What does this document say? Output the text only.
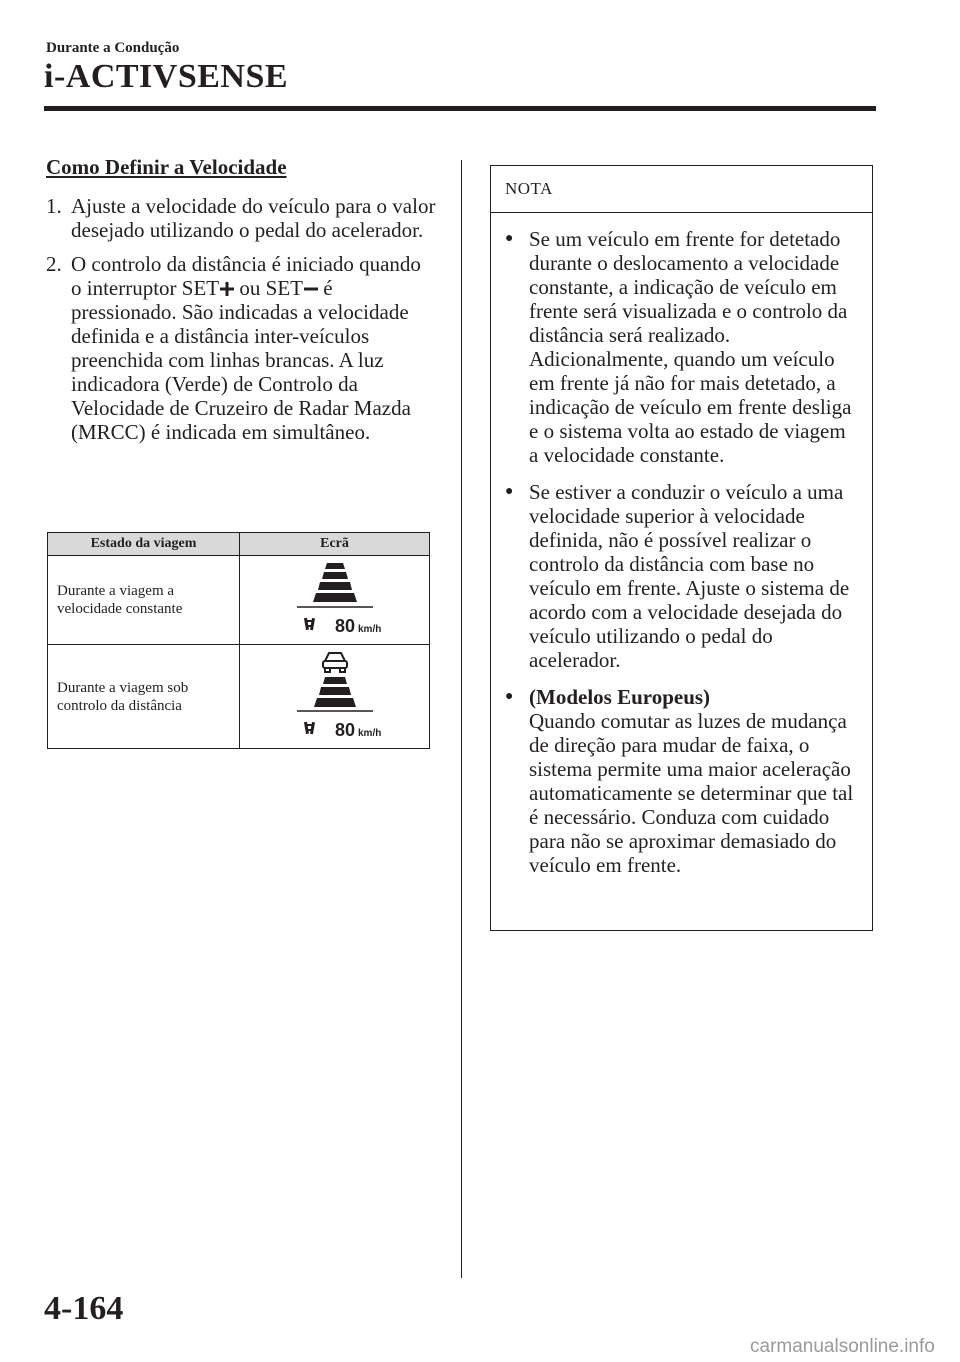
Durante a Condução
i-ACTIVSENSE
Como Definir a Velocidade
1. Ajuste a velocidade do veículo para o valor desejado utilizando o pedal do acelerador.
2. O controlo da distância é iniciado quando o interruptor SET ou SET é pressionado. São indicadas a velocidade definida e a distância inter-veículos preenchida com linhas brancas. A luz indicadora (Verde) de Controlo da Velocidade de Cruzeiro de Radar Mazda (MRCC) é indicada em simultâneo.
Estado da viagem	Ecrã
Durante a viagem a velocidade constante	80 km/h

Durante a viagem sob controlo da distância	80 km/h
NOTA
● Se um veículo em frente for detetado durante o deslocamento a velocidade constante, a indicação de veículo em frente será visualizada e o controlo da distância será realizado. Adicionalmente, quando um veículo em frente já não for mais detetado, a indicação de veículo em frente desliga e o sistema volta ao estado de viagem a velocidade constante.
● Se estiver a conduzir o veículo a uma velocidade superior à velocidade definida, não é possível realizar o controlo da distância com base no veículo em frente. Ajuste o sistema de acordo com a velocidade desejada do veículo utilizando o pedal do acelerador.
● (Modelos Europeus)
Quando comutar as luzes de mudança de direção para mudar de faixa, o sistema permite uma maior aceleração automaticamente se determinar que tal é necessário. Conduza com cuidado para não se aproximar demasiado do veículo em frente.
4-164
carmanualsonline.info
